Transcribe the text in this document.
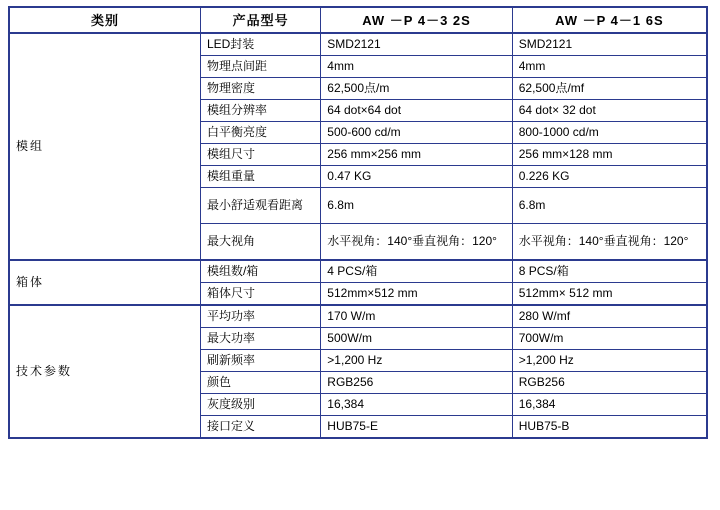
类别	产品型号	AW －P 4－3 2S	AW －P 4－1 6S
模组	LED封装	SMD2121	SMD2121
	物理点间距	4mm	4mm
	物理密度	62,500点/m	62,500点/mf
	模组分辨率	64 dot×64 dot	64 dot× 32 dot
	白平衡亮度	500-600 cd/m	800-1000 cd/m
	模组尺寸	256 mm×256 mm	256 mm×128 mm
	模组重量	0.47 KG	0.226 KG
	最小舒适观看距离	6.8m	6.8m
	最大视角	水平视角：140°垂直视角：120°	水平视角：140°垂直视角：120°
箱体	模组数/箱	4 PCS/箱	8 PCS/箱
	箱体尺寸	512mm×512 mm	512mm× 512 mm
技术参数	平均功率	170 W/m	280 W/mf
	最大功率	500W/m	700W/m
	刷新频率	>1,200 Hz	>1,200 Hz
	颜色	RGB256	RGB256
	灰度级别	16,384	16,384
	接口定义	HUB75-E	HUB75-B
